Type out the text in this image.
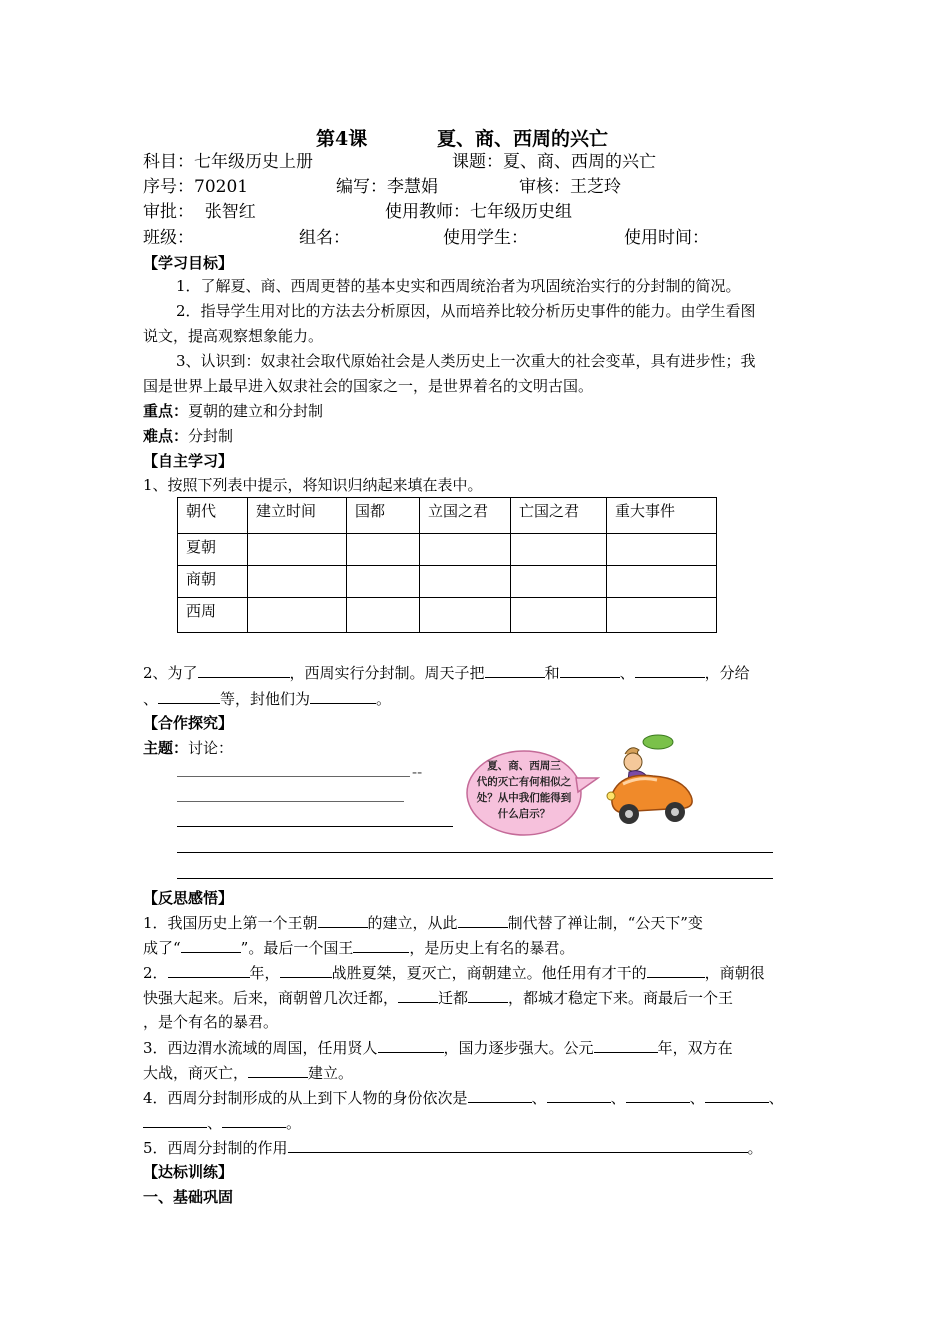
第4课	夏、商、西周的兴亡
科目：七年级历史上册	课题：夏、商、西周的兴亡
序号：70201	编写：李慧娟	审核：王芝玲
审批：  张智红	使用教师：七年级历史组
班级：	组名：	使用学生：	使用时间：
【学习目标】
1．了解夏、商、西周更替的基本史实和西周统治者为巩固统治实行的分封制的简况。
2．指导学生用对比的方法去分析原因，从而培养比较分析历史事件的能力。由学生看图
说文，提高观察想象能力。
3、认识到：奴隶社会取代原始社会是人类历史上一次重大的社会变革，具有进步性；我
国是世界上最早进入奴隶社会的国家之一，是世界着名的文明古国。
重点：夏朝的建立和分封制
难点：分封制
【自主学习】
1、按照下列表中提示，将知识归纳起来填在表中。
朝代	建立时间	国都	立国之君	亡国之君	重大事件
夏朝					
商朝					
西周					
2、为了	，西周实行分封制。周天子把	和	、	，分给
、	等，封他们为	。
【合作探究】
主题：讨论：
--	夏、商、西周三
代的灭亡有何相似之
处？从中我们能得到
什么启示？
【反思感悟】
1．我国历史上第一个王朝	的建立，从此	制代替了禅让制，“公天下”变
成了“	”。最后一个国王	，是历史上有名的暴君。
2．	年，	战胜夏桀，夏灭亡，商朝建立。他任用有才干的	，商朝很
快强大起来。后来，商朝曾几次迁都，	迁都	，都城才稳定下来。商最后一个王
，是个有名的暴君。
3．西边渭水流域的周国，任用贤人	，国力逐步强大。公元	年，双方在
大战，商灭亡，	建立。
4．西周分封制形成的从上到下人物的身份依次是	、	、	、	、
、	。
5．西周分封制的作用	。
【达标训练】
一、基础巩固
